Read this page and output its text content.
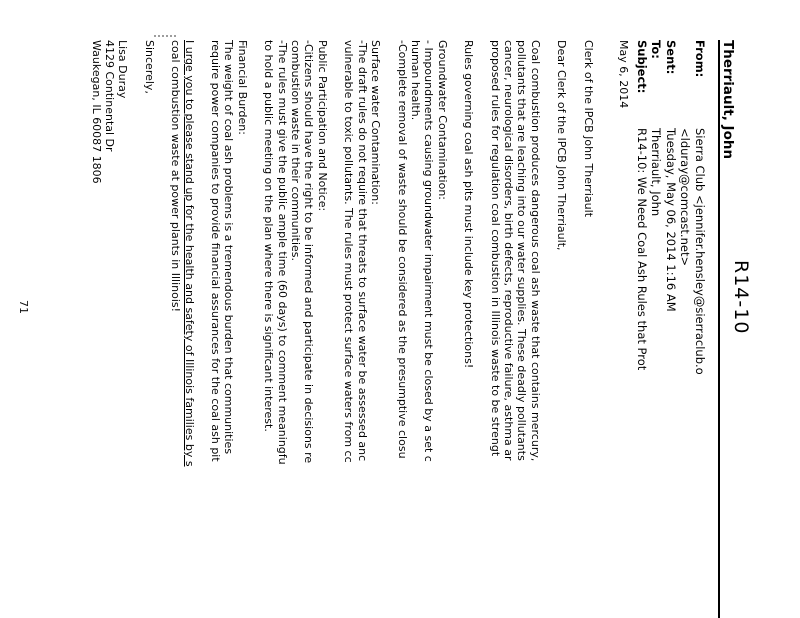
R14-10
Therriault, John
From:
Sierra Club <jennifer.hensley@sierraclub.o
<lduray@comcast.net>
Sent:
Tuesday, May 06, 2014 1:16 AM
To:
Therriault, John
Subject:
R14-10: We Need Coal Ash Rules that Prot
May 6, 2014
Clerk of the IPCB John Therriault
Dear Clerk of the IPCB John Therriault,
Coal combustion produces dangerous coal ash waste that contains mercury,
pollutants that are leaching into our water supplies. These deadly pollutants
cancer, neurological disorders, birth defects, reproductive failure, asthma ar
proposed rules for regulation coal combustion in Illinois waste to be strengt
Rules governing coal ash pits must include key protections!
Groundwater Contamination:
- Impoundments causing groundwater impairment must be closed by a set c
human health.
-Complete removal of waste should be considered as the presumptive closu
Surface water Contamination:
-The draft rules do not require that threats to surface water be assessed anc
vulnerable to toxic pollutants. The rules must protect surface waters from cc
Public Participation and Notice:
-Citizens should have the right to be informed and participate in decisions re
combustion waste in their communities.
-The rules must give the public ample time (60 days) to comment meaningfu
to hold a public meeting on the plan where there is significant interest.
Financial Burden:
The weight of coal ash problems is a tremendous burden that communities
require power companies to provide financial assurances for the coal ash pit
I urge you to please stand up for the health and safety of Illinois families by s
coal combustion waste at power plants in Illinois!
Sincerely,
Lisa Duray
4129 Continental Dr
Waukegan, IL 60087 1806
71
